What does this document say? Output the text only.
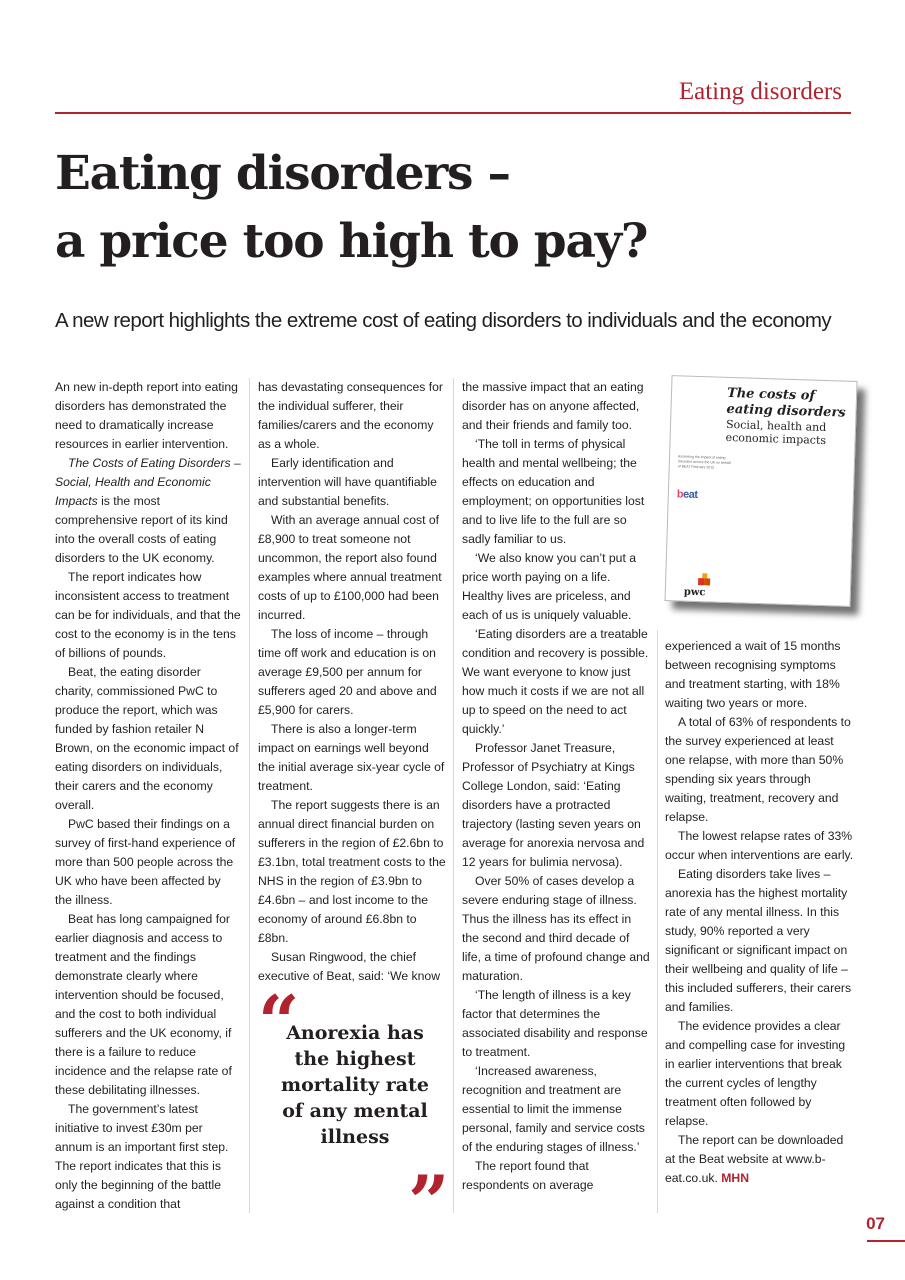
Eating disorders
Eating disorders –
a price too high to pay?
A new report highlights the extreme cost of eating disorders to individuals and the economy

An new in-depth report into eating disorders has demonstrated the need to dramatically increase resources in earlier intervention.

The Costs of Eating Disorders – Social, Health and Economic Impacts is the most comprehensive report of its kind into the overall costs of eating disorders to the UK economy.

The report indicates how inconsistent access to treatment can be for individuals, and that the cost to the economy is in the tens of billions of pounds.

Beat, the eating disorder charity, commissioned PwC to produce the report, which was funded by fashion retailer N Brown, on the economic impact of eating disorders on individuals, their carers and the economy overall.

PwC based their findings on a survey of first-hand experience of more than 500 people across the UK who have been affected by the illness.

Beat has long campaigned for earlier diagnosis and access to treatment and the findings demonstrate clearly where intervention should be focused, and the cost to both individual sufferers and the UK economy, if there is a failure to reduce incidence and the relapse rate of these debilitating illnesses.

The government’s latest initiative to invest £30m per annum is an important first step. The report indicates that this is only the beginning of the battle against a condition that

has devastating consequences for the individual sufferer, their families/carers and the economy as a whole.

Early identification and intervention will have quantifiable and substantial benefits.

With an average annual cost of £8,900 to treat someone not uncommon, the report also found examples where annual treatment costs of up to £100,000 had been incurred.

The loss of income – through time off work and education is on average £9,500 per annum for sufferers aged 20 and above and £5,900 for carers.

There is also a longer-term impact on earnings well beyond the initial average six-year cycle of treatment.

The report suggests there is an annual direct financial burden on sufferers in the region of £2.6bn to £3.1bn, total treatment costs to the NHS in the region of £3.9bn to £4.6bn – and lost income to the economy of around £6.8bn to £8bn.

Susan Ringwood, the chief executive of Beat, said: ‘We know

“
Anorexia has the highest mortality rate of any mental illness
”

the massive impact that an eating disorder has on anyone affected, and their friends and family too.

‘The toll in terms of physical health and mental wellbeing; the effects on education and employment; on opportunities lost and to live life to the full are so sadly familiar to us.

‘We also know you can’t put a price worth paying on a life. Healthy lives are priceless, and each of us is uniquely valuable.

‘Eating disorders are a treatable condition and recovery is possible. We want everyone to know just how much it costs if we are not all up to speed on the need to act quickly.’

Professor Janet Treasure, Professor of Psychiatry at Kings College London, said: ‘Eating disorders have a protracted trajectory (lasting seven years on average for anorexia nervosa and 12 years for bulimia nervosa).

Over 50% of cases develop a severe enduring stage of illness. Thus the illness has its effect in the second and third decade of life, a time of profound change and maturation.

‘The length of illness is a key factor that determines the associated disability and response to treatment.

‘Increased awareness, recognition and treatment are essential to limit the immense personal, family and service costs of the enduring stages of illness.’

The report found that respondents on average

The costs of eating disorders
Social, health and economic impacts
Assessing the impact of eating disorders across the UK on behalf of BEAT February 2015
beat
pwc

experienced a wait of 15 months between recognising symptoms and treatment starting, with 18% waiting two years or more.

A total of 63% of respondents to the survey experienced at least one relapse, with more than 50% spending six years through waiting, treatment, recovery and relapse.

The lowest relapse rates of 33% occur when interventions are early.

Eating disorders take lives – anorexia has the highest mortality rate of any mental illness. In this study, 90% reported a very significant or significant impact on their wellbeing and quality of life – this included sufferers, their carers and families.

The evidence provides a clear and compelling case for investing in earlier interventions that break the current cycles of lengthy treatment often followed by relapse.

The report can be downloaded at the Beat website at www.b-eat.co.uk. MHN

07
